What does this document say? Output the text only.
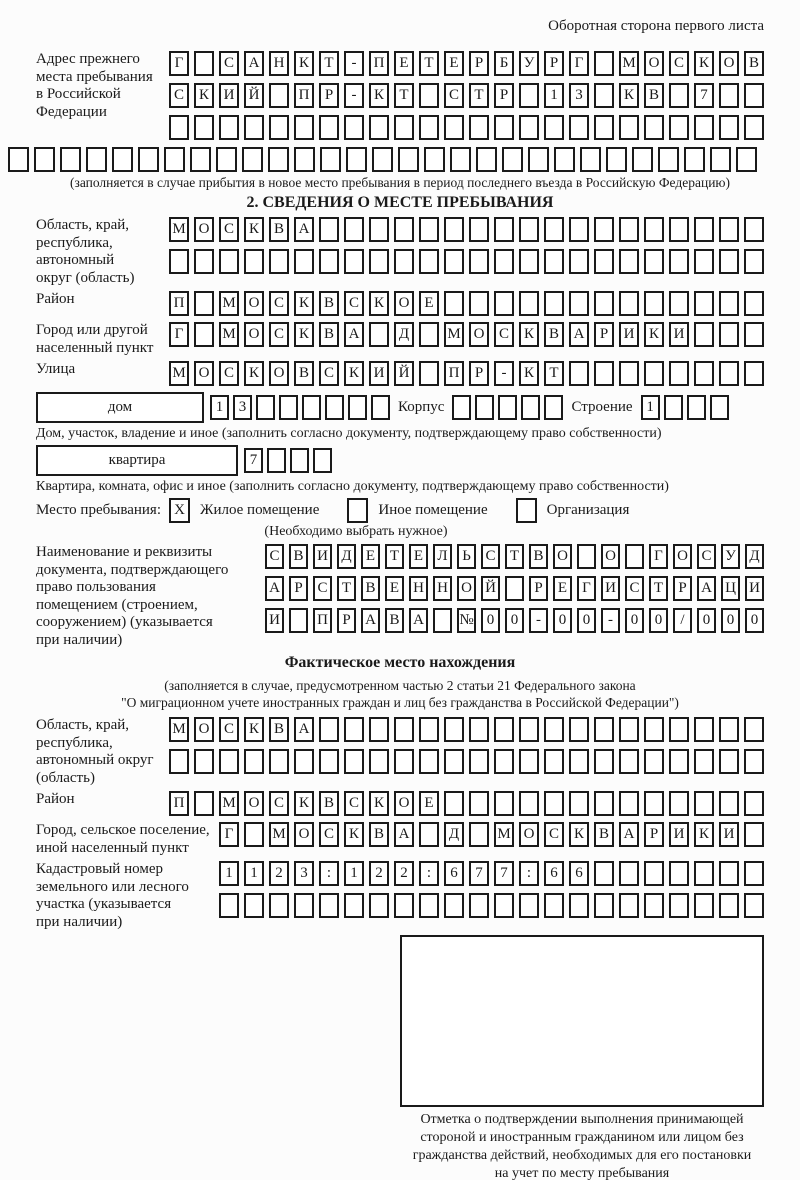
Оборотная сторона первого листа
Адрес прежнего
места пребывания
в Российской
Федерации
Г	С А Н К	Т	-	П Е	Т	Е	Р	Б	У	Р	Г	М О С К О В
С К И Й	П	Р	-	К	Т	С	Т	Р	1	3	К В	7
(заполняется в случае прибытия в новое место пребывания в период последнего въезда в Российскую Федерацию)
2. СВЕДЕНИЯ О МЕСТЕ ПРЕБЫВАНИЯ
Область, край,
республика,
автономный
округ (область)
М О С К В А
Район	П	М О С К В С К О Е
Город или другой
населенный пункт
Г	М О С К В А	Д	М О С К В А	Р	И К И
Улица	М О С К О В С К И Й	П	Р	-	К	Т
дом	1	3	Корпус	Строение 1
Дом, участок, владение и иное (заполнить согласно документу, подтверждающему право собственности)
квартира	7
Квартира, комната, офис и иное (заполнить согласно документу, подтверждающему право собственности)
Место пребывания: X	Жилое помещение	Иное помещение	Организация
(Необходимо выбрать нужное)
Наименование и реквизиты
документа, подтверждающего
право пользования
помещением (строением,
сооружением) (указывается
при наличии)
С В И Д Е Т Е Л Ь С Т В О О	Г О С У Д
А Р С Т В Е Н Н О Й	Р	Е	Г И С Т	Р А Ц И
И П Р А В А № 0	0	-	0	0	-	0	0	/	0	0	0
Фактическое место нахождения
(заполняется в случае, предусмотренном частью 2 статьи 21 Федерального закона
"О миграционном учете иностранных граждан и лиц без гражданства в Российской Федерации")
Область, край,
республика,
автономный округ
(область)
М О С К В А
Район	П	М О С К В С К О Е
Город, сельское поселение,
иной населенный пункт
Г	М О С К В А	Д	М О С К В А	Р	И К И
Кадастровый номер
земельного или лесного
участка (указывается
при наличии)
1	1	2	3	:	1	2	2	:	6	7	7	:	6	6
Отметка о подтверждении выполнения принимающей
стороной и иностранным гражданином или лицом без
гражданства действий, необходимых для его постановки
на учет по месту пребывания
